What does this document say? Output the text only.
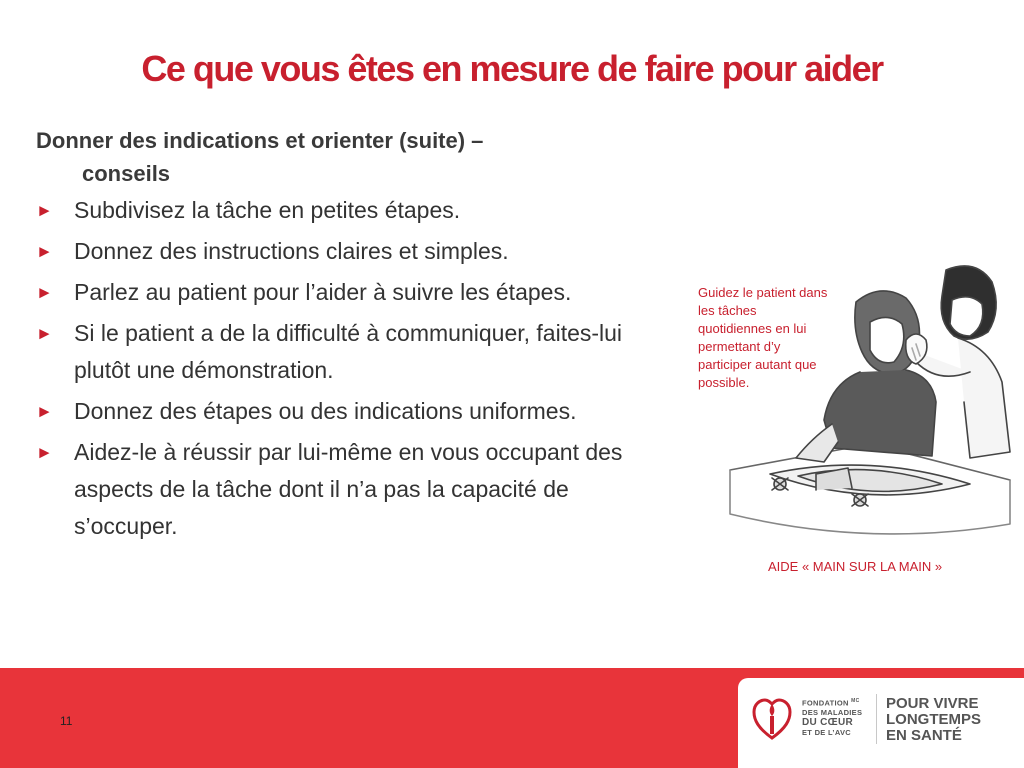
Ce que vous êtes en mesure de faire pour aider
Donner des indications et orienter (suite) –
conseils
► Subdivisez la tâche en petites étapes.
► Donnez des instructions claires et simples.
► Parlez au patient pour l’aider à suivre les étapes.
► Si le patient a de la difficulté à communiquer, faites-lui plutôt une démonstration.
► Donnez des étapes ou des indications uniformes.
► Aidez-le à réussir par lui-même en vous occupant des aspects de la tâche dont il n’a pas la capacité de s’occuper.
Guidez le patient dans les tâches quotidiennes en lui permettant d’y participer autant que possible.
AIDE « MAIN SUR LA MAIN »
11
FONDATION $^{MC}$
DES MALADIES
DU CŒUR
ET DE L’AVC
POUR VIVRE
LONGTEMPS
EN SANTÉ
